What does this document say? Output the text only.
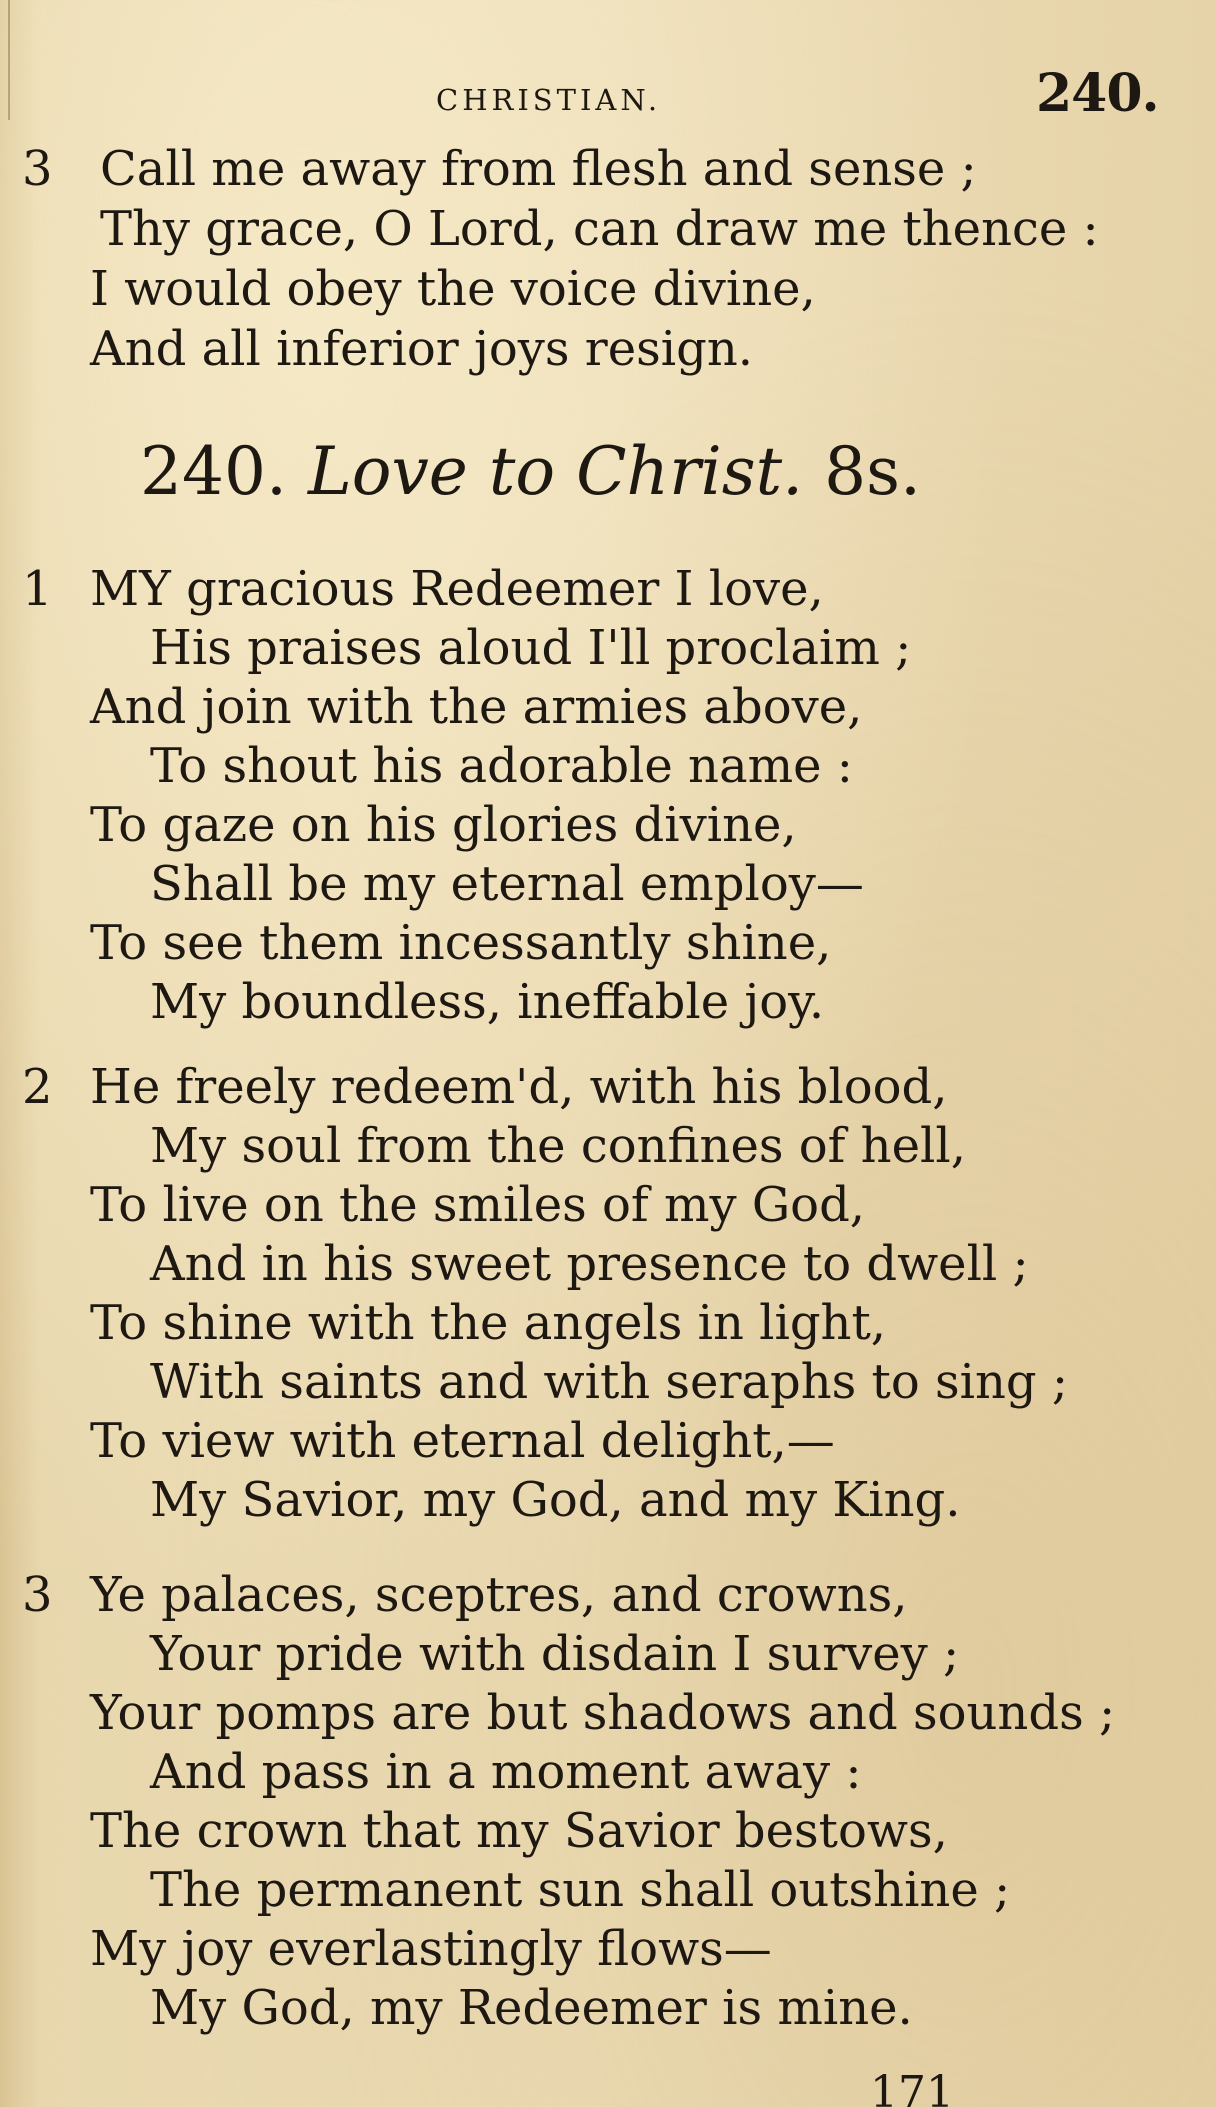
CHRISTIAN.	240.
3 Call me away from flesh and sense ;
Thy grace, O Lord, can draw me thence :
I would obey the voice divine,
And all inferior joys resign.
240. Love to Christ. 8s.
1 MY gracious Redeemer I love,
His praises aloud I'll proclaim ;
And join with the armies above,
To shout his adorable name :
To gaze on his glories divine,
Shall be my eternal employ—
To see them incessantly shine,
My boundless, ineffable joy.
2 He freely redeem'd, with his blood,
My soul from the confines of hell,
To live on the smiles of my God,
And in his sweet presence to dwell ;
To shine with the angels in light,
With saints and with seraphs to sing ;
To view with eternal delight,—
My Savior, my God, and my King.
3 Ye palaces, sceptres, and crowns,
Your pride with disdain I survey ;
Your pomps are but shadows and sounds ;
And pass in a moment away :
The crown that my Savior bestows,
The permanent sun shall outshine ;
My joy everlastingly flows—
My God, my Redeemer is mine.
171
